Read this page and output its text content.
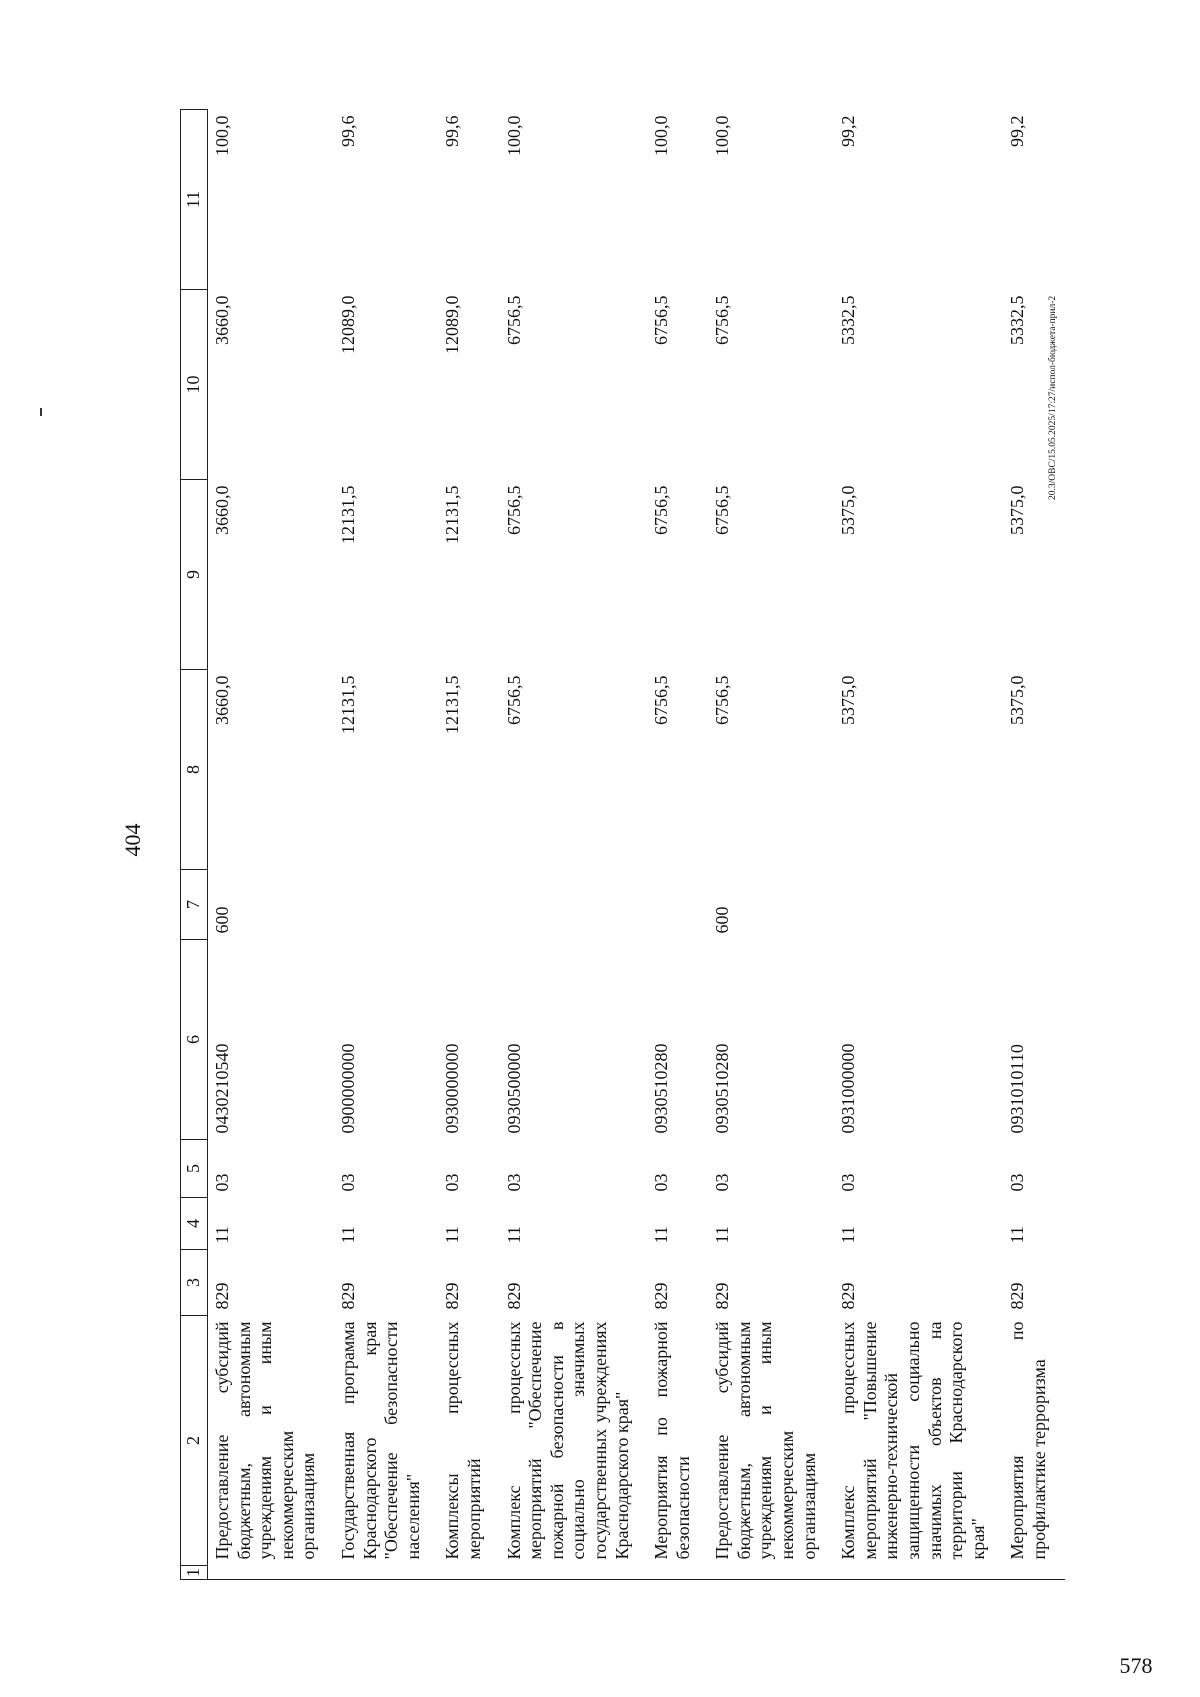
404
1	2	3	4	5	6	7	8	9	10	11
	Предоставление субсидий бюджетным, автономным учреждениям и иным некоммерческим организациям	829	11	03	0430210540	600	3660,0	3660,0	3660,0	100,0
	Государственная программа Краснодарского края "Обеспечение безопасности населения"	829	11	03	0900000000		12131,5	12131,5	12089,0	99,6
	Комплексы процессных мероприятий	829	11	03	0930000000		12131,5	12131,5	12089,0	99,6
	Комплекс процессных мероприятий "Обеспечение пожарной безопасности в социально значимых государственных учреждениях Краснодарского края"	829	11	03	0930500000		6756,5	6756,5	6756,5	100,0
	Мероприятия по пожарной безопасности	829	11	03	0930510280		6756,5	6756,5	6756,5	100,0
	Предоставление субсидий бюджетным, автономным учреждениям и иным некоммерческим организациям	829	11	03	0930510280	600	6756,5	6756,5	6756,5	100,0
	Комплекс процессных мероприятий "Повышение инженерно-технической защищенности социально значимых объектов на территории Краснодарского края"	829	11	03	0931000000		5375,0	5375,0	5332,5	99,2
	Мероприятия по профилактике терроризма	829	11	03	0931010110		5375,0	5375,0	5332,5	99,2
20.3/ОВС/15.05.2025/17:27/испол-бюджета-прил-2
578
